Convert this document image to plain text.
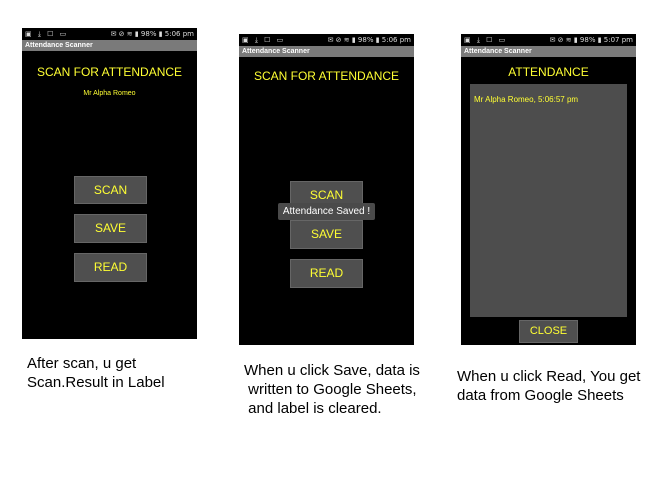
▣ ⤓ ☐ ▭	✉ ⊘ ≋ ▮ 98% ▮ 5:06 pm
Attendance Scanner
SCAN FOR ATTENDANCE
Mr Alpha Romeo
SCAN
SAVE
READ
▣ ⤓ ☐ ▭	✉ ⊘ ≋ ▮ 98% ▮ 5:06 pm
Attendance Scanner
SCAN FOR ATTENDANCE
SCAN
SAVE
Attendance Saved !
READ
▣ ⤓ ☐ ▭	✉ ⊘ ≋ ▮ 98% ▮ 5:07 pm
Attendance Scanner
ATTENDANCE
Mr Alpha Romeo, 5:06:57 pm
CLOSE
After scan, u get
Scan.Result in Label
When u click Save, data is
written to Google Sheets,
and label is cleared.
When u click Read, You get
data from Google Sheets
